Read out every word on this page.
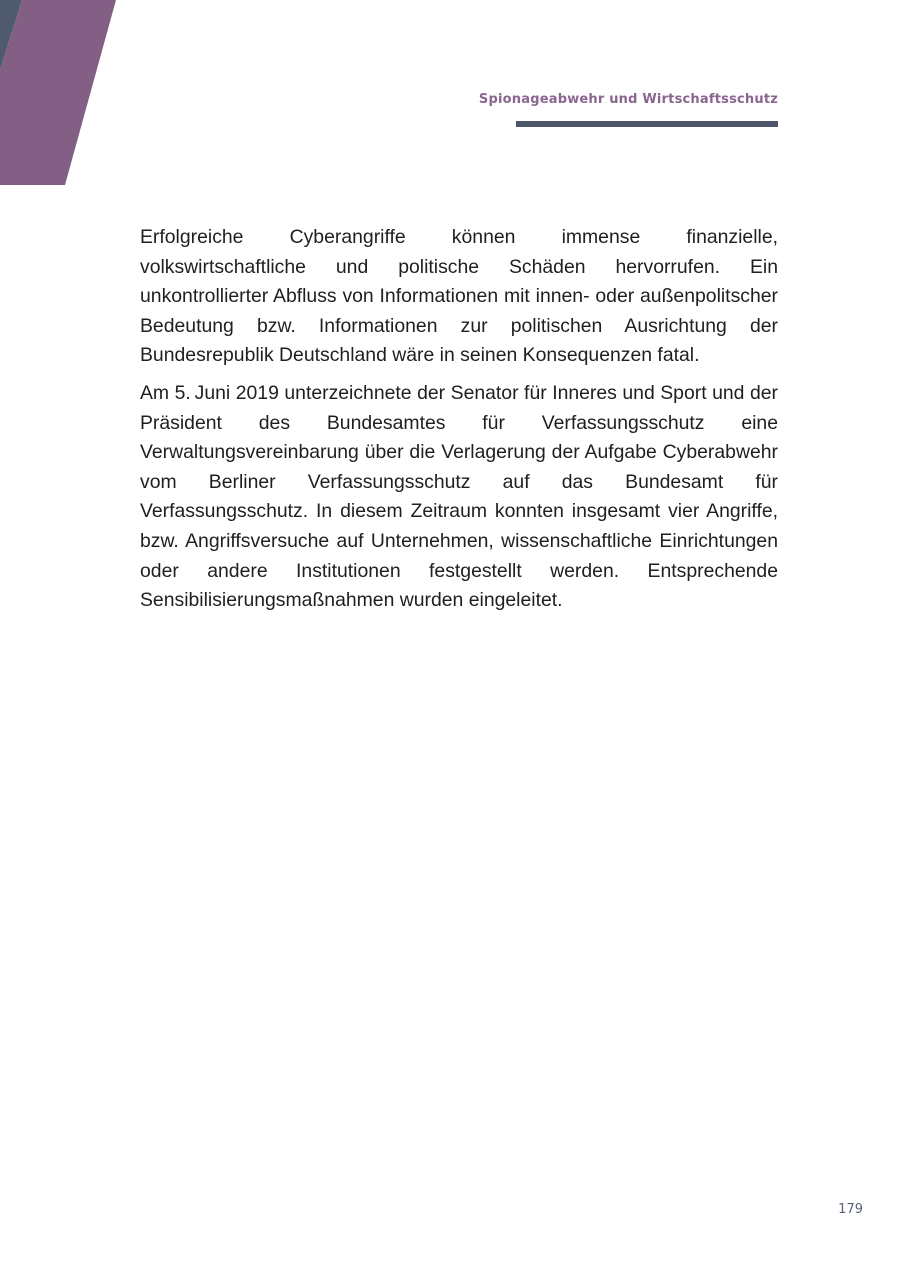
Spionageabwehr und Wirtschaftsschutz

Erfolgreiche Cyberangriffe können immense finanzielle, volkswirtschaftliche und politische Schäden hervorrufen. Ein unkontrollierter Abfluss von Informationen mit innen- oder außenpolitscher Bedeutung bzw. Informationen zur politischen Ausrichtung der Bundesrepublik Deutschland wäre in seinen Konsequenzen fatal.

Am 5. Juni 2019 unterzeichnete der Senator für Inneres und Sport und der Präsident des Bundesamtes für Verfassungsschutz eine Verwaltungsvereinbarung über die Verlagerung der Aufgabe Cyberabwehr vom Berliner Verfassungsschutz auf das Bundesamt für Verfassungsschutz. In diesem Zeitraum konnten insgesamt vier Angriffe, bzw. Angriffsversuche auf Unternehmen, wissenschaftliche Einrichtungen oder andere Institutionen festgestellt werden. Entsprechende Sensibilisierungsmaßnahmen wurden eingeleitet.

179
